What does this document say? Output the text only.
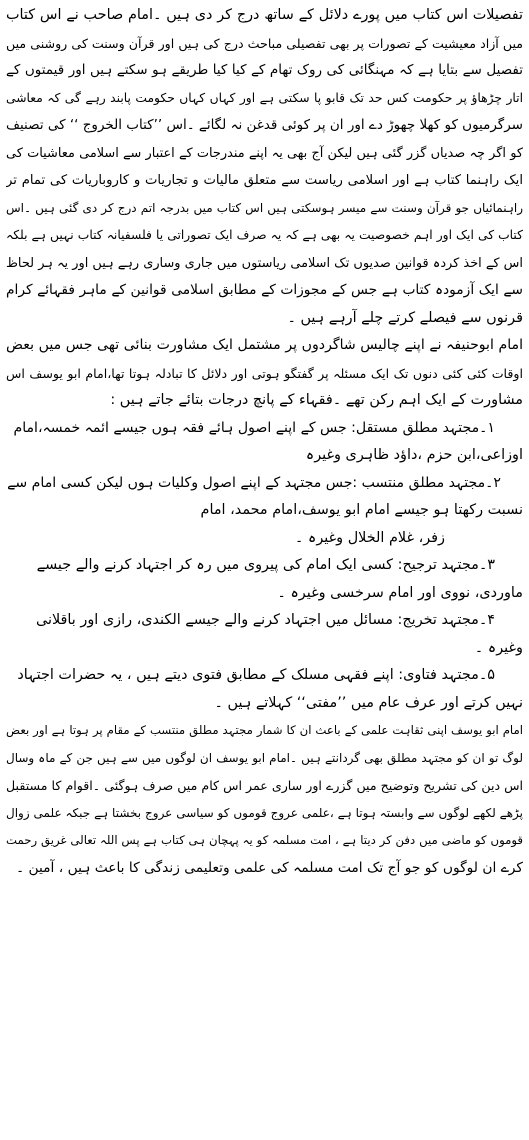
تفصیلات اس کتاب میں پورے دلائل کے ساتھ درج کر دی ہیں ۔امام صاحب نے اس کتاب
میں آزاد معیشیت کے تصورات پر بھی تفصیلی مباحث درج کی ہیں اور قرآن وسنت کی روشنی میں
تفصیل سے بتایا ہے کہ مہنگائی کی روک تھام کے کیا کیا طریقے ہو سکتے ہیں اور قیمتوں کے
اتار چڑھاؤ پر حکومت کس حد تک قابو پا سکتی ہے اور کہاں کہاں حکومت پابند رہے گی کہ معاشی
سرگرمیوں کو کھلا چھوڑ دے اور ان پر کوئی قدغن نہ لگائے ۔اس ’’کتاب الخروج ‘‘ کی تصنیف
کو اگر چہ صدیاں گزر گئی ہیں لیکن آج بھی یہ اپنے مندرجات کے اعتبار سے اسلامی معاشیات کی
ایک راہنما کتاب ہے اور اسلامی ریاست سے متعلق مالیات و تجاریات و کاروباریات کی تمام تر
راہنمائیاں جو قرآن وسنت سے میسر ہوسکتی ہیں اس کتاب میں بدرجہ اتم درج کر دی گئی ہیں ۔اس
کتاب کی ایک اور اہم خصوصیت یہ بھی ہے کہ یہ صرف ایک تصوراتی یا فلسفیانہ کتاب نہیں ہے بلکہ
اس کے اخذ کردہ قوانین صدیوں تک اسلامی ریاستوں میں جاری وساری رہے ہیں اور یہ ہر لحاظ
سے ایک آزمودہ کتاب ہے جس کے مجوزات کے مطابق اسلامی قوانین کے ماہر فقہائے کرام
قرنوں سے فیصلے کرتے چلے آرہے ہیں ۔
امام ابوحنیفہ نے اپنے چالیس شاگردوں پر مشتمل ایک مشاورت بنائی تھی جس میں بعض
اوقات کئی کئی دنوں تک ایک مسئلہ پر گفتگو ہوتی اور دلائل کا تبادلہ ہوتا تھا،امام ابو یوسف اس
مشاورت کے ایک اہم رکن تھے ۔فقہاء کے پانچ درجات بتائے جاتے ہیں :
۱۔مجتہد مطلق مستقل: جس کے اپنے اصول ہائے فقہ ہوں جیسے ائمہ خمسہ،امام
اوزاعی،ابن حزم ،داؤد ظاہری وغیرہ
۲۔مجتہد مطلق منتسب :جس مجتہد کے اپنے اصول وکلیات ہوں لیکن کسی امام سے
نسبت رکھتا ہو جیسے امام ابو یوسف،امام محمد، امام
زفر، غلام الخلال وغیرہ ۔
۳۔مجتہد ترجیح: کسی ایک امام کی پیروی میں رہ کر اجتہاد کرنے والے جیسے
ماوردی، نووی اور امام سرخسی وغیرہ ۔
۴۔مجتہد تخریج: مسائل میں اجتہاد کرنے والے جیسے الکندی، رازی اور باقلانی
وغیرہ ۔
۵۔مجتہد فتاوی: اپنے فقہی مسلک کے مطابق فتوی دیتے ہیں ، یہ حضرات اجتہاد
نہیں کرتے اور عرف عام میں ’’مفتی‘‘ کہلاتے ہیں ۔
امام ابو یوسف اپنی ثقاہت علمی کے باعث ان کا شمار مجتہد مطلق منتسب کے مقام پر ہوتا ہے اور بعض
لوگ تو ان کو مجتہد مطلق بھی گردانتے ہیں ۔امام ابو یوسف ان لوگوں میں سے ہیں جن کے ماہ وسال
اس دین کی تشریح وتوضیح میں گزرے اور ساری عمر اس کام میں صرف ہوگئی ۔اقوام کا مستقبل
پڑھے لکھے لوگوں سے وابستہ ہوتا ہے ،علمی عروج قوموں کو سیاسی عروج بخشتا ہے جبکہ علمی زوال
قوموں کو ماضی میں دفن کر دیتا ہے ، امت مسلمہ کو یہ پہچان ہی کتاب ہے پس اللہ تعالی غریق رحمت
کرے ان لوگوں کو جو آج تک امت مسلمہ کی علمی وتعلیمی زندگی کا باعث ہیں ، آمین ۔
